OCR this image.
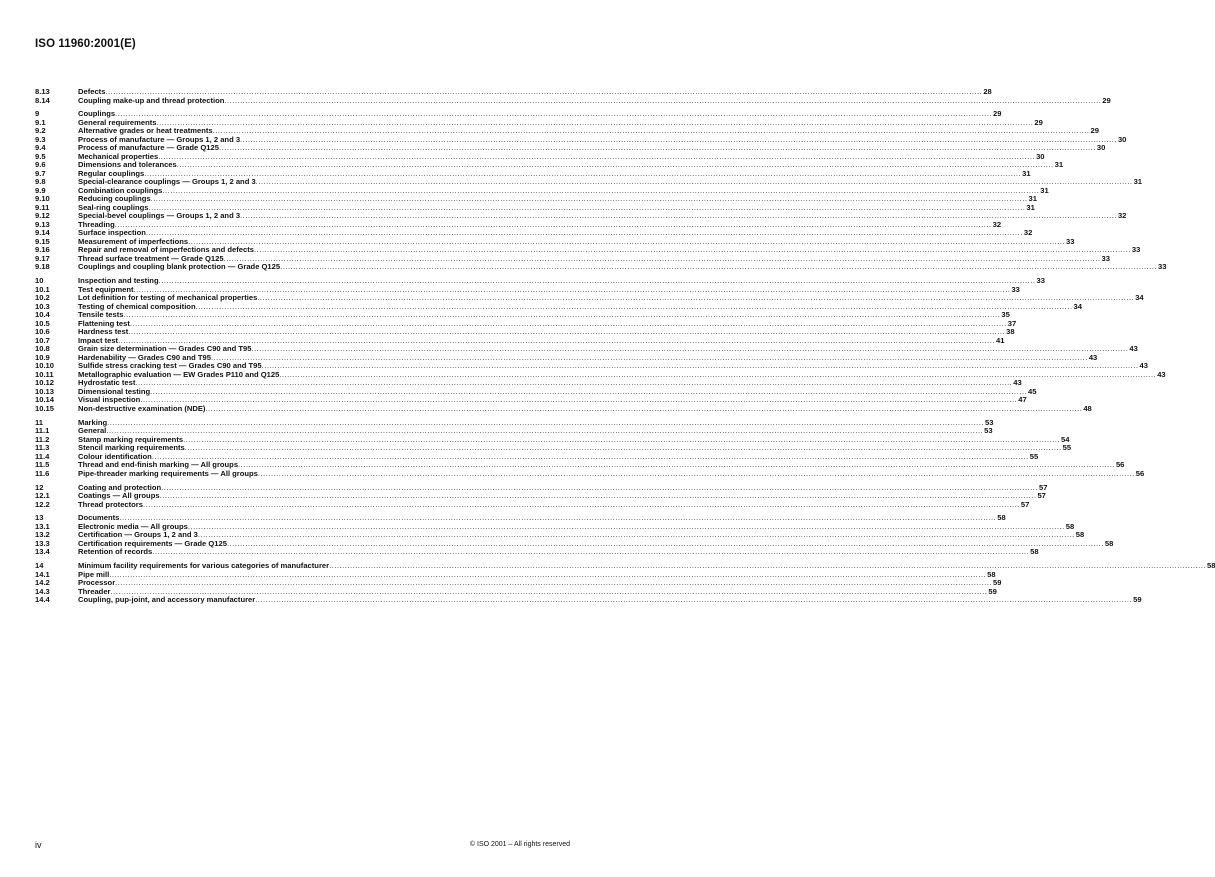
ISO 11960:2001(E)
8.13	Defects .....	28
8.14	Coupling make-up and thread protection .....	29
9	Couplings .....	29
9.1	General requirements .....	29
9.2	Alternative grades or heat treatments .....	29
9.3	Process of manufacture — Groups 1, 2 and 3 .....	30
9.4	Process of manufacture — Grade Q125 .....	30
9.5	Mechanical properties .....	30
9.6	Dimensions and tolerances .....	31
9.7	Regular couplings .....	31
9.8	Special-clearance couplings — Groups 1, 2 and 3 .....	31
9.9	Combination couplings .....	31
9.10	Reducing couplings .....	31
9.11	Seal-ring couplings .....	31
9.12	Special-bevel couplings — Groups 1, 2 and 3 .....	32
9.13	Threading .....	32
9.14	Surface inspection .....	32
9.15	Measurement of imperfections .....	33
9.16	Repair and removal of imperfections and defects .....	33
9.17	Thread surface treatment — Grade Q125 .....	33
9.18	Couplings and coupling blank protection — Grade Q125 .....	33
10	Inspection and testing .....	33
10.1	Test equipment .....	33
10.2	Lot definition for testing of mechanical properties .....	34
10.3	Testing of chemical composition .....	34
10.4	Tensile tests .....	35
10.5	Flattening test .....	37
10.6	Hardness test .....	38
10.7	Impact test .....	41
10.8	Grain size determination — Grades C90 and T95 .....	43
10.9	Hardenability — Grades C90 and T95 .....	43
10.10	Sulfide stress cracking test — Grades C90 and T95 .....	43
10.11	Metallographic evaluation — EW Grades P110 and Q125 .....	43
10.12	Hydrostatic test .....	43
10.13	Dimensional testing .....	45
10.14	Visual inspection .....	47
10.15	Non-destructive examination (NDE) .....	48
11	Marking .....	53
11.1	General .....	53
11.2	Stamp marking requirements .....	54
11.3	Stencil marking requirements .....	55
11.4	Colour identification .....	55
11.5	Thread and end-finish marking — All groups .....	56
11.6	Pipe-threader marking requirements — All groups .....	56
12	Coating and protection .....	57
12.1	Coatings — All groups .....	57
12.2	Thread protectors .....	57
13	Documents .....	58
13.1	Electronic media — All groups .....	58
13.2	Certification — Groups 1, 2 and 3 .....	58
13.3	Certification requirements — Grade Q125 .....	58
13.4	Retention of records .....	58
14	Minimum facility requirements for various categories of manufacturer .....	58
14.1	Pipe mill .....	58
14.2	Processor .....	59
14.3	Threader .....	59
14.4	Coupling, pup-joint, and accessory manufacturer .....	59
iv	© ISO 2001 – All rights reserved
